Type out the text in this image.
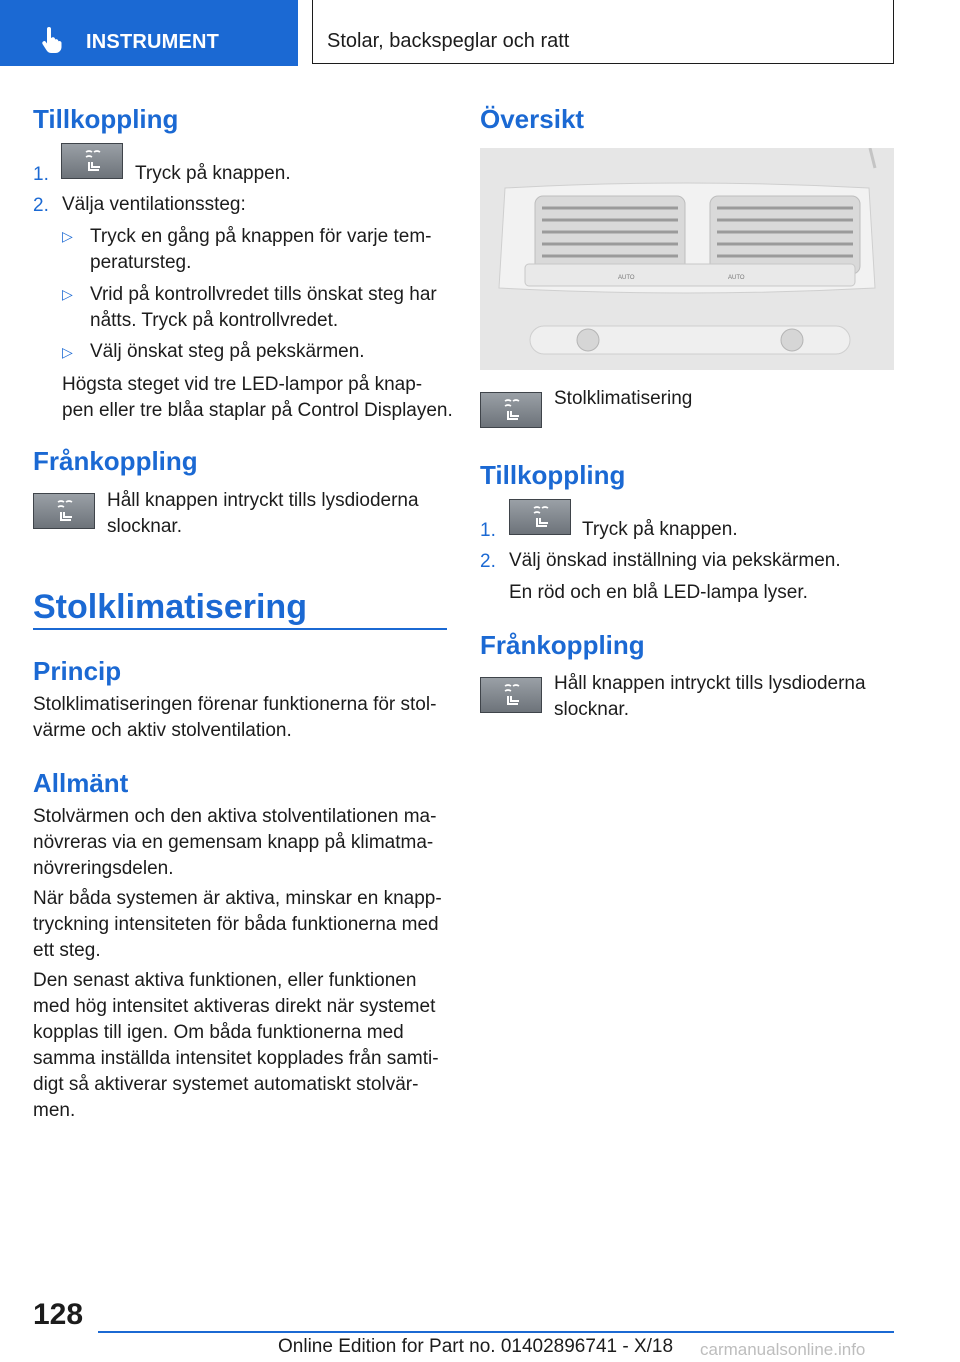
INSTRUMENT	Stolar, backspeglar och ratt
Tillkoppling
1.	Tryck på knappen.
2. Välja ventilationssteg:
▷ Tryck en gång på knappen för varje tem-
peratursteg.
▷ Vrid på kontrollvredet tills önskat steg har
nåtts. Tryck på kontrollvredet.
▷ Välj önskat steg på pekskärmen.
Högsta steget vid tre LED-lampor på knap-
pen eller tre blåa staplar på Control Displayen.
Frånkoppling
Håll knappen intryckt tills lysdioderna
slocknar.
Stolklimatisering
Princip
Stolklimatiseringen förenar funktionerna för stol-
värme och aktiv stolventilation.
Allmänt
Stolvärmen och den aktiva stolventilationen ma-
növreras via en gemensam knapp på klimatma-
növreringsdelen.
När båda systemen är aktiva, minskar en knapp-
tryckning intensiteten för båda funktionerna med
ett steg.
Den senast aktiva funktionen, eller funktionen
med hög intensitet aktiveras direkt när systemet
kopplas till igen. Om båda funktionerna med
samma inställda intensitet kopplades från samti-
digt så aktiverar systemet automatiskt stolvär-
men.
Översikt
AUTO	AUTO
Stolklimatisering
Tillkoppling
1.	Tryck på knappen.
2. Välj önskad inställning via pekskärmen.
En röd och en blå LED-lampa lyser.
Frånkoppling
Håll knappen intryckt tills lysdioderna
slocknar.
128
Online Edition for Part no. 01402896741 - X/18 carmanualsonline.info
